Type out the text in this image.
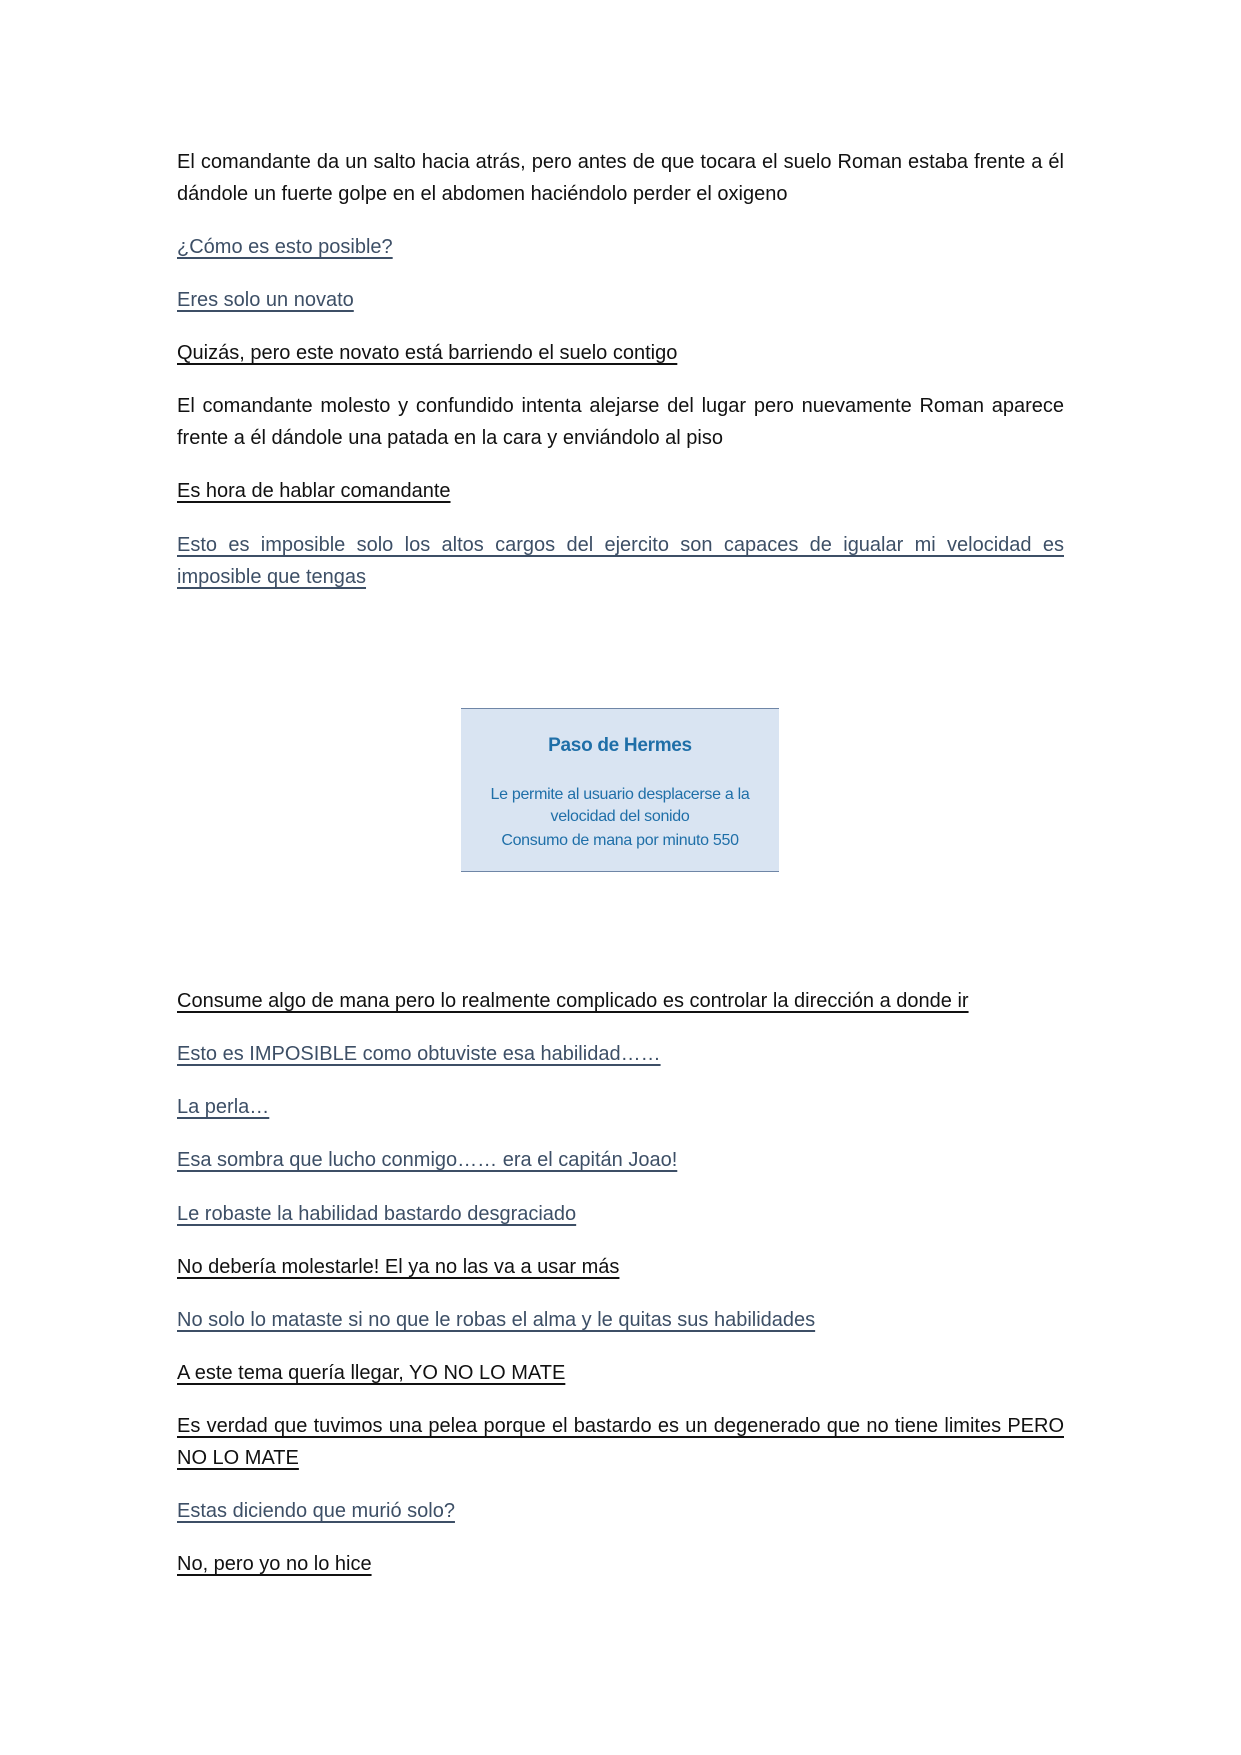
El comandante da un salto hacia atrás, pero antes de que tocara el suelo Roman estaba frente a él dándole un fuerte golpe en el abdomen haciéndolo perder el oxigeno

¿Cómo es esto posible?

Eres solo un novato

Quizás, pero este novato está barriendo el suelo contigo

El comandante molesto y confundido intenta alejarse del lugar pero nuevamente Roman aparece frente a él dándole una patada en la cara y enviándolo al piso

Es hora de hablar comandante

Esto es imposible solo los altos cargos del ejercito son capaces de igualar mi velocidad es imposible que tengas

Paso de Hermes
Le permite al usuario desplacerse a la velocidad del sonido
Consumo de mana por minuto 550

Consume algo de mana pero lo realmente complicado es controlar la dirección a donde ir

Esto es IMPOSIBLE como obtuviste esa habilidad……

La perla…

Esa sombra que lucho conmigo…… era el capitán Joao!

Le robaste la habilidad bastardo desgraciado

No debería molestarle! El ya no las va a usar más

No solo lo mataste si no que le robas el alma y le quitas sus habilidades

A este tema quería llegar, YO NO LO MATE

Es verdad que tuvimos una pelea porque el bastardo es un degenerado que no tiene limites PERO NO LO MATE

Estas diciendo que murió solo?

No, pero yo no lo hice
